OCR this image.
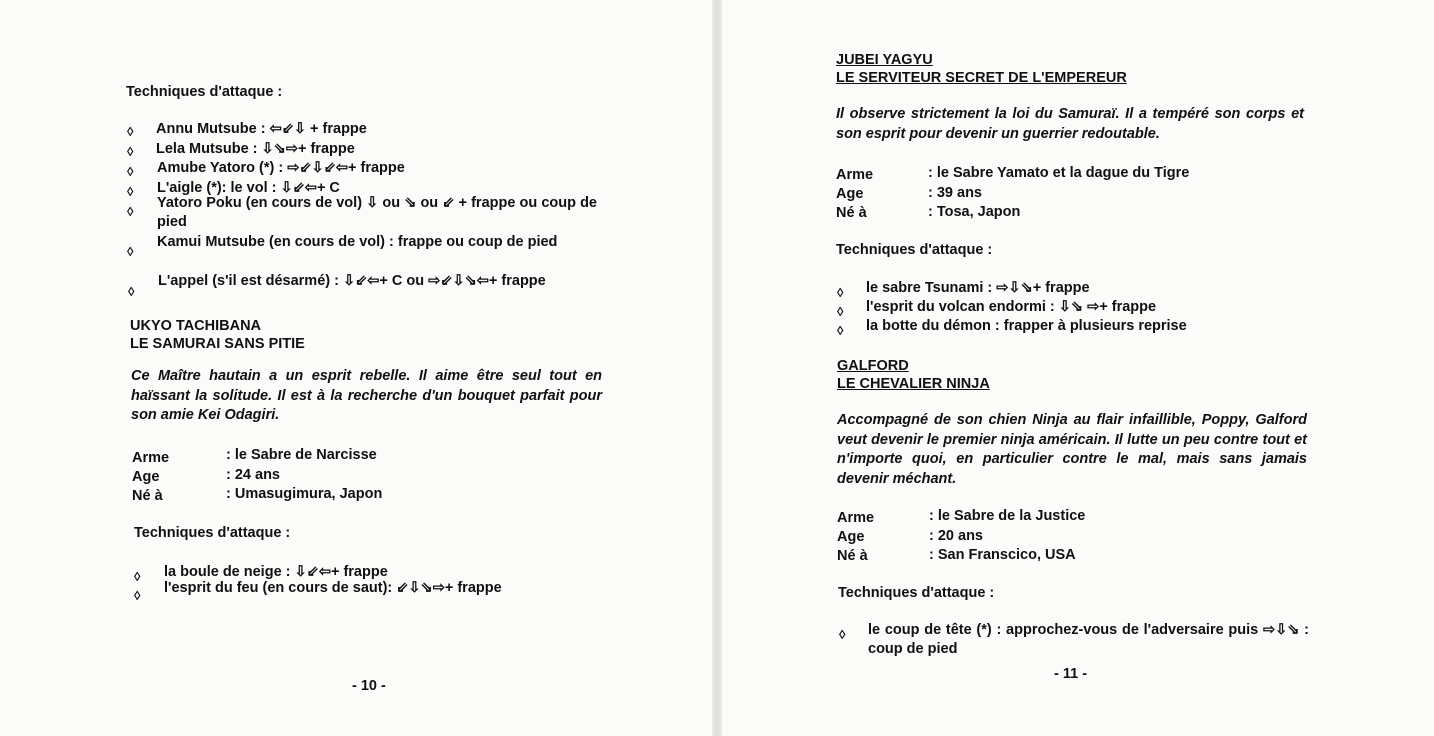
Techniques d'attaque :
◊ Annu Mutsube : ⇦⇙⇩ + frappe
◊ Lela Mutsube : ⇩⇘⇨+ frappe
◊ Amube Yatoro (*) : ⇨⇙⇩⇙⇦+ frappe
◊ L'aigle (*): le vol : ⇩⇙⇦+ C
◊
Yatoro Poku (en cours de vol) ⇩ ou ⇘ ou ⇙ + frappe ou coup de pied
◊
Kamui Mutsube (en cours de vol) : frappe ou coup de pied
◊
L'appel (s'il est désarmé) : ⇩⇙⇦+ C ou ⇨⇙⇩⇘⇦+ frappe
UKYO TACHIBANA
LE SAMURAI SANS PITIE
Ce Maître hautain a un esprit rebelle. Il aime être seul tout en haïssant la solitude. Il est à la recherche d'un bouquet parfait pour son amie Kei Odagiri.
Arme	: le Sabre de Narcisse
Age	: 24 ans
Né à	: Umasugimura, Japon
Techniques d'attaque :
◊ la boule de neige : ⇩⇙⇦+ frappe
◊ l'esprit du feu (en cours de saut): ⇙⇩⇘⇨+ frappe
- 10 -
JUBEI YAGYU
LE SERVITEUR SECRET DE L'EMPEREUR
Il observe strictement la loi du Samuraï. Il a tempéré son corps et son esprit pour devenir un guerrier redoutable.
Arme	: le Sabre Yamato et la dague du Tigre
Age	: 39 ans
Né à	: Tosa, Japon
Techniques d'attaque :
◊ le sabre Tsunami : ⇨⇩⇘+ frappe
◊ l'esprit du volcan endormi : ⇩⇘ ⇨+ frappe
◊ la botte du démon : frapper à plusieurs reprise
GALFORD
LE CHEVALIER NINJA
Accompagné de son chien Ninja au flair infaillible, Poppy, Galford veut devenir le premier ninja américain. Il lutte un peu contre tout et n'importe quoi, en particulier contre le mal, mais sans jamais devenir méchant.
Arme	: le Sabre de la Justice
Age	: 20 ans
Né à	: San Franscico, USA
Techniques d'attaque :
◊ le coup de tête (*) : approchez-vous de l'adversaire puis ⇨⇩⇘ : coup de pied
- 11 -
